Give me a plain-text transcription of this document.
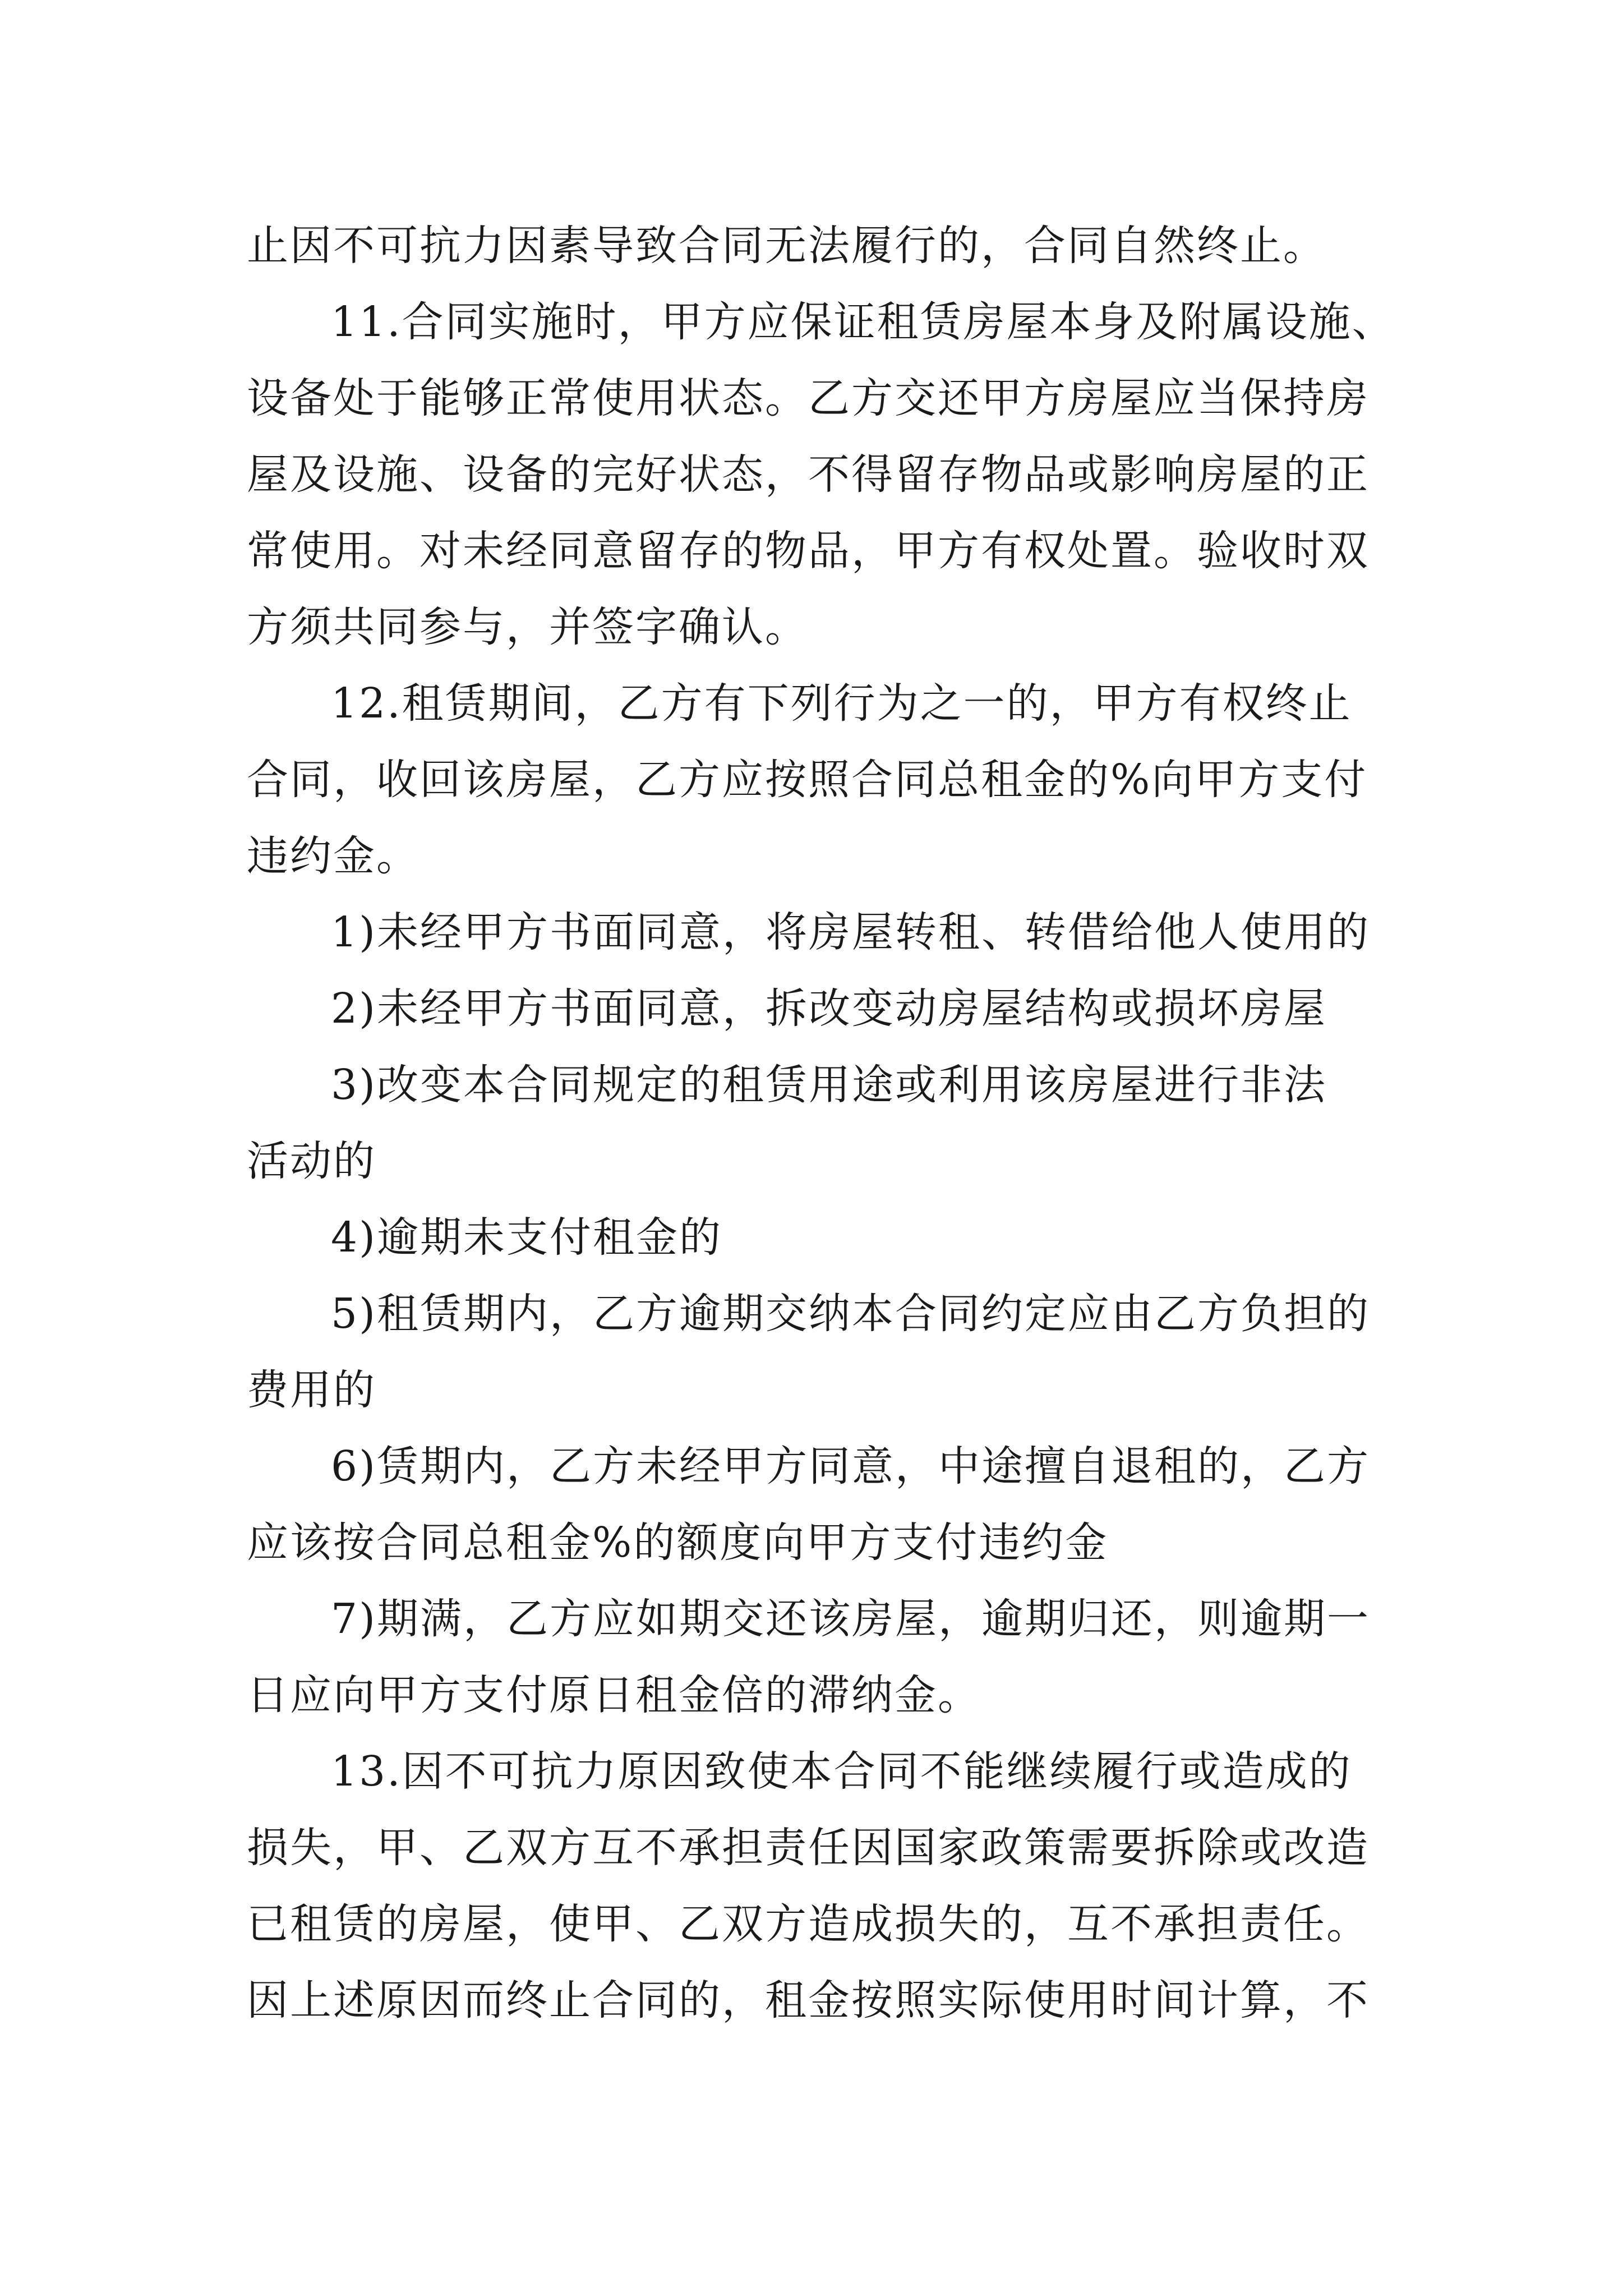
止因不可抗力因素导致合同无法履行的，合同自然终止。
11.合同实施时，甲方应保证租赁房屋本身及附属设施、
设备处于能够正常使用状态。乙方交还甲方房屋应当保持房
屋及设施、设备的完好状态，不得留存物品或影响房屋的正
常使用。对未经同意留存的物品，甲方有权处置。验收时双
方须共同参与，并签字确认。
12.租赁期间，乙方有下列行为之一的，甲方有权终止
合同，收回该房屋，乙方应按照合同总租金的%向甲方支付
违约金。
1)未经甲方书面同意，将房屋转租、转借给他人使用的
2)未经甲方书面同意，拆改变动房屋结构或损坏房屋
3)改变本合同规定的租赁用途或利用该房屋进行非法
活动的
4)逾期未支付租金的
5)租赁期内，乙方逾期交纳本合同约定应由乙方负担的
费用的
6)赁期内，乙方未经甲方同意，中途擅自退租的，乙方
应该按合同总租金%的额度向甲方支付违约金
7)期满，乙方应如期交还该房屋，逾期归还，则逾期一
日应向甲方支付原日租金倍的滞纳金。
13.因不可抗力原因致使本合同不能继续履行或造成的
损失，甲、乙双方互不承担责任因国家政策需要拆除或改造
已租赁的房屋，使甲、乙双方造成损失的，互不承担责任。
因上述原因而终止合同的，租金按照实际使用时间计算，不
